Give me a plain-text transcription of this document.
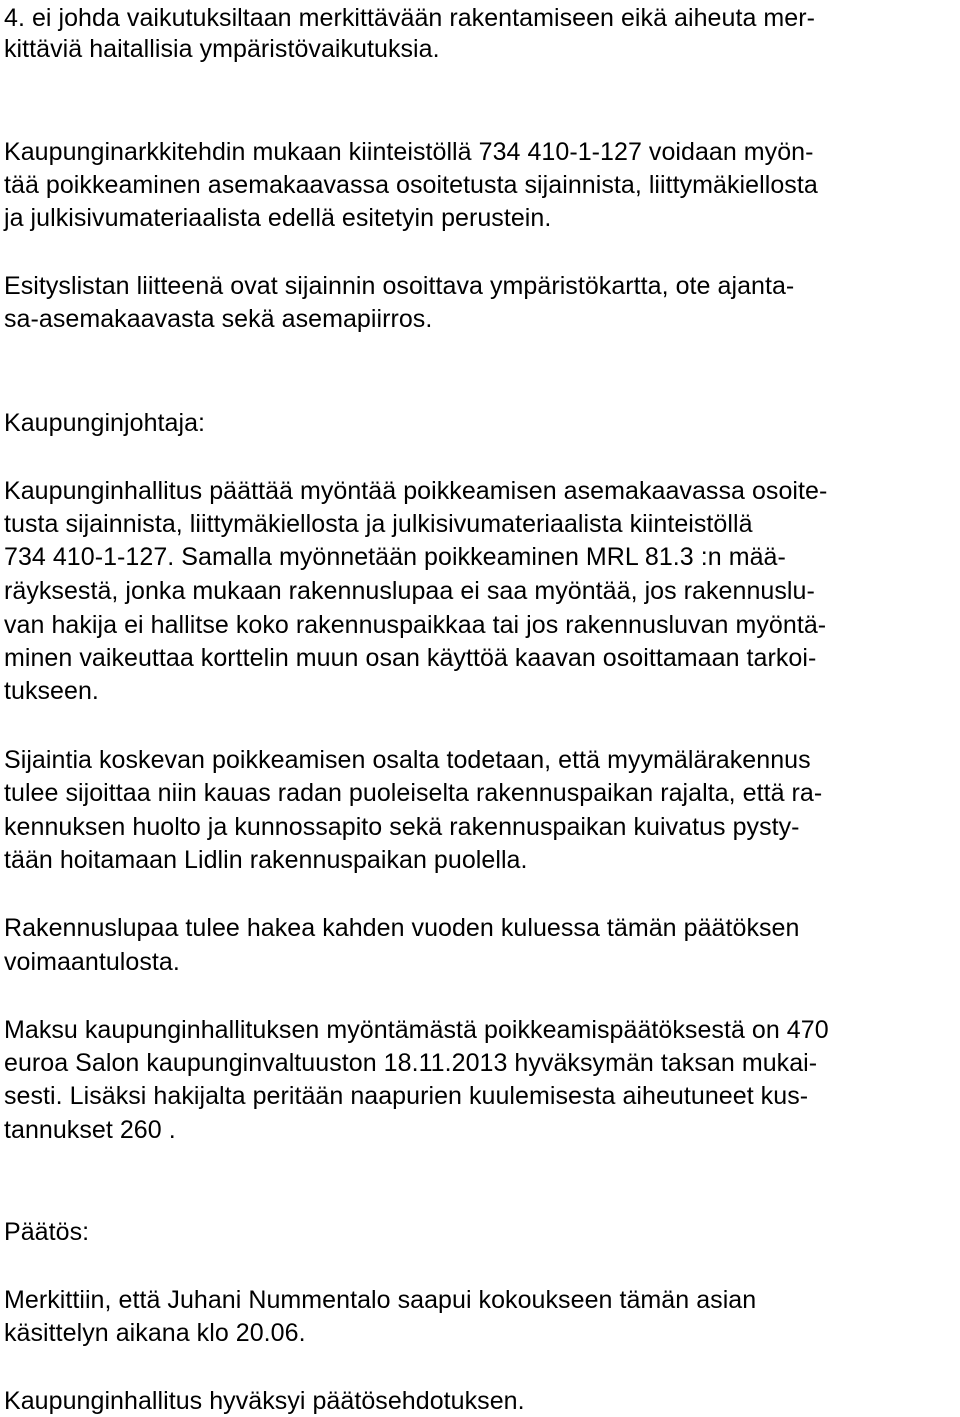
4. ei johda vaikutuksiltaan merkittävään rakentamiseen eikä aiheuta mer-
kittäviä haitallisia ympäristövaikutuksia.
Kaupunginarkkitehdin mukaan kiinteistöllä 734 410-1-127 voidaan myön-
tää poikkeaminen asemakaavassa osoitetusta sijainnista, liittymäkiellosta
ja julkisivumateriaalista edellä esitetyin perustein.
Esityslistan liitteenä ovat sijainnin osoittava ympäristökartta, ote ajanta-
sa-asemakaavasta sekä asemapiirros.
Kaupunginjohtaja:
Kaupunginhallitus päättää myöntää poikkeamisen asemakaavassa osoite-
tusta sijainnista, liittymäkiellosta ja julkisivumateriaalista kiinteistöllä
734 410-1-127. Samalla myönnetään poikkeaminen MRL 81.3 :n mää-
räyksestä, jonka mukaan rakennuslupaa ei saa myöntää, jos rakennuslu-
van hakija ei hallitse koko rakennuspaikkaa tai jos rakennusluvan myöntä-
minen vaikeuttaa korttelin muun osan käyttöä kaavan osoittamaan tarkoi-
tukseen.
Sijaintia koskevan poikkeamisen osalta todetaan, että myymälärakennus
tulee sijoittaa niin kauas radan puoleiselta rakennuspaikan rajalta, että ra-
kennuksen huolto ja kunnossapito sekä rakennuspaikan kuivatus pysty-
tään hoitamaan Lidlin rakennuspaikan puolella.
Rakennuslupaa tulee hakea kahden vuoden kuluessa tämän päätöksen
voimaantulosta.
Maksu kaupunginhallituksen myöntämästä poikkeamispäätöksestä on 470
euroa Salon kaupunginvaltuuston 18.11.2013 hyväksymän taksan mukai-
sesti. Lisäksi hakijalta peritään naapurien kuulemisesta aiheutuneet kus-
tannukset 260 .
Päätös:
Merkittiin, että Juhani Nummentalo saapui kokoukseen tämän asian
käsittelyn aikana klo 20.06.
Kaupunginhallitus hyväksyi päätösehdotuksen.
